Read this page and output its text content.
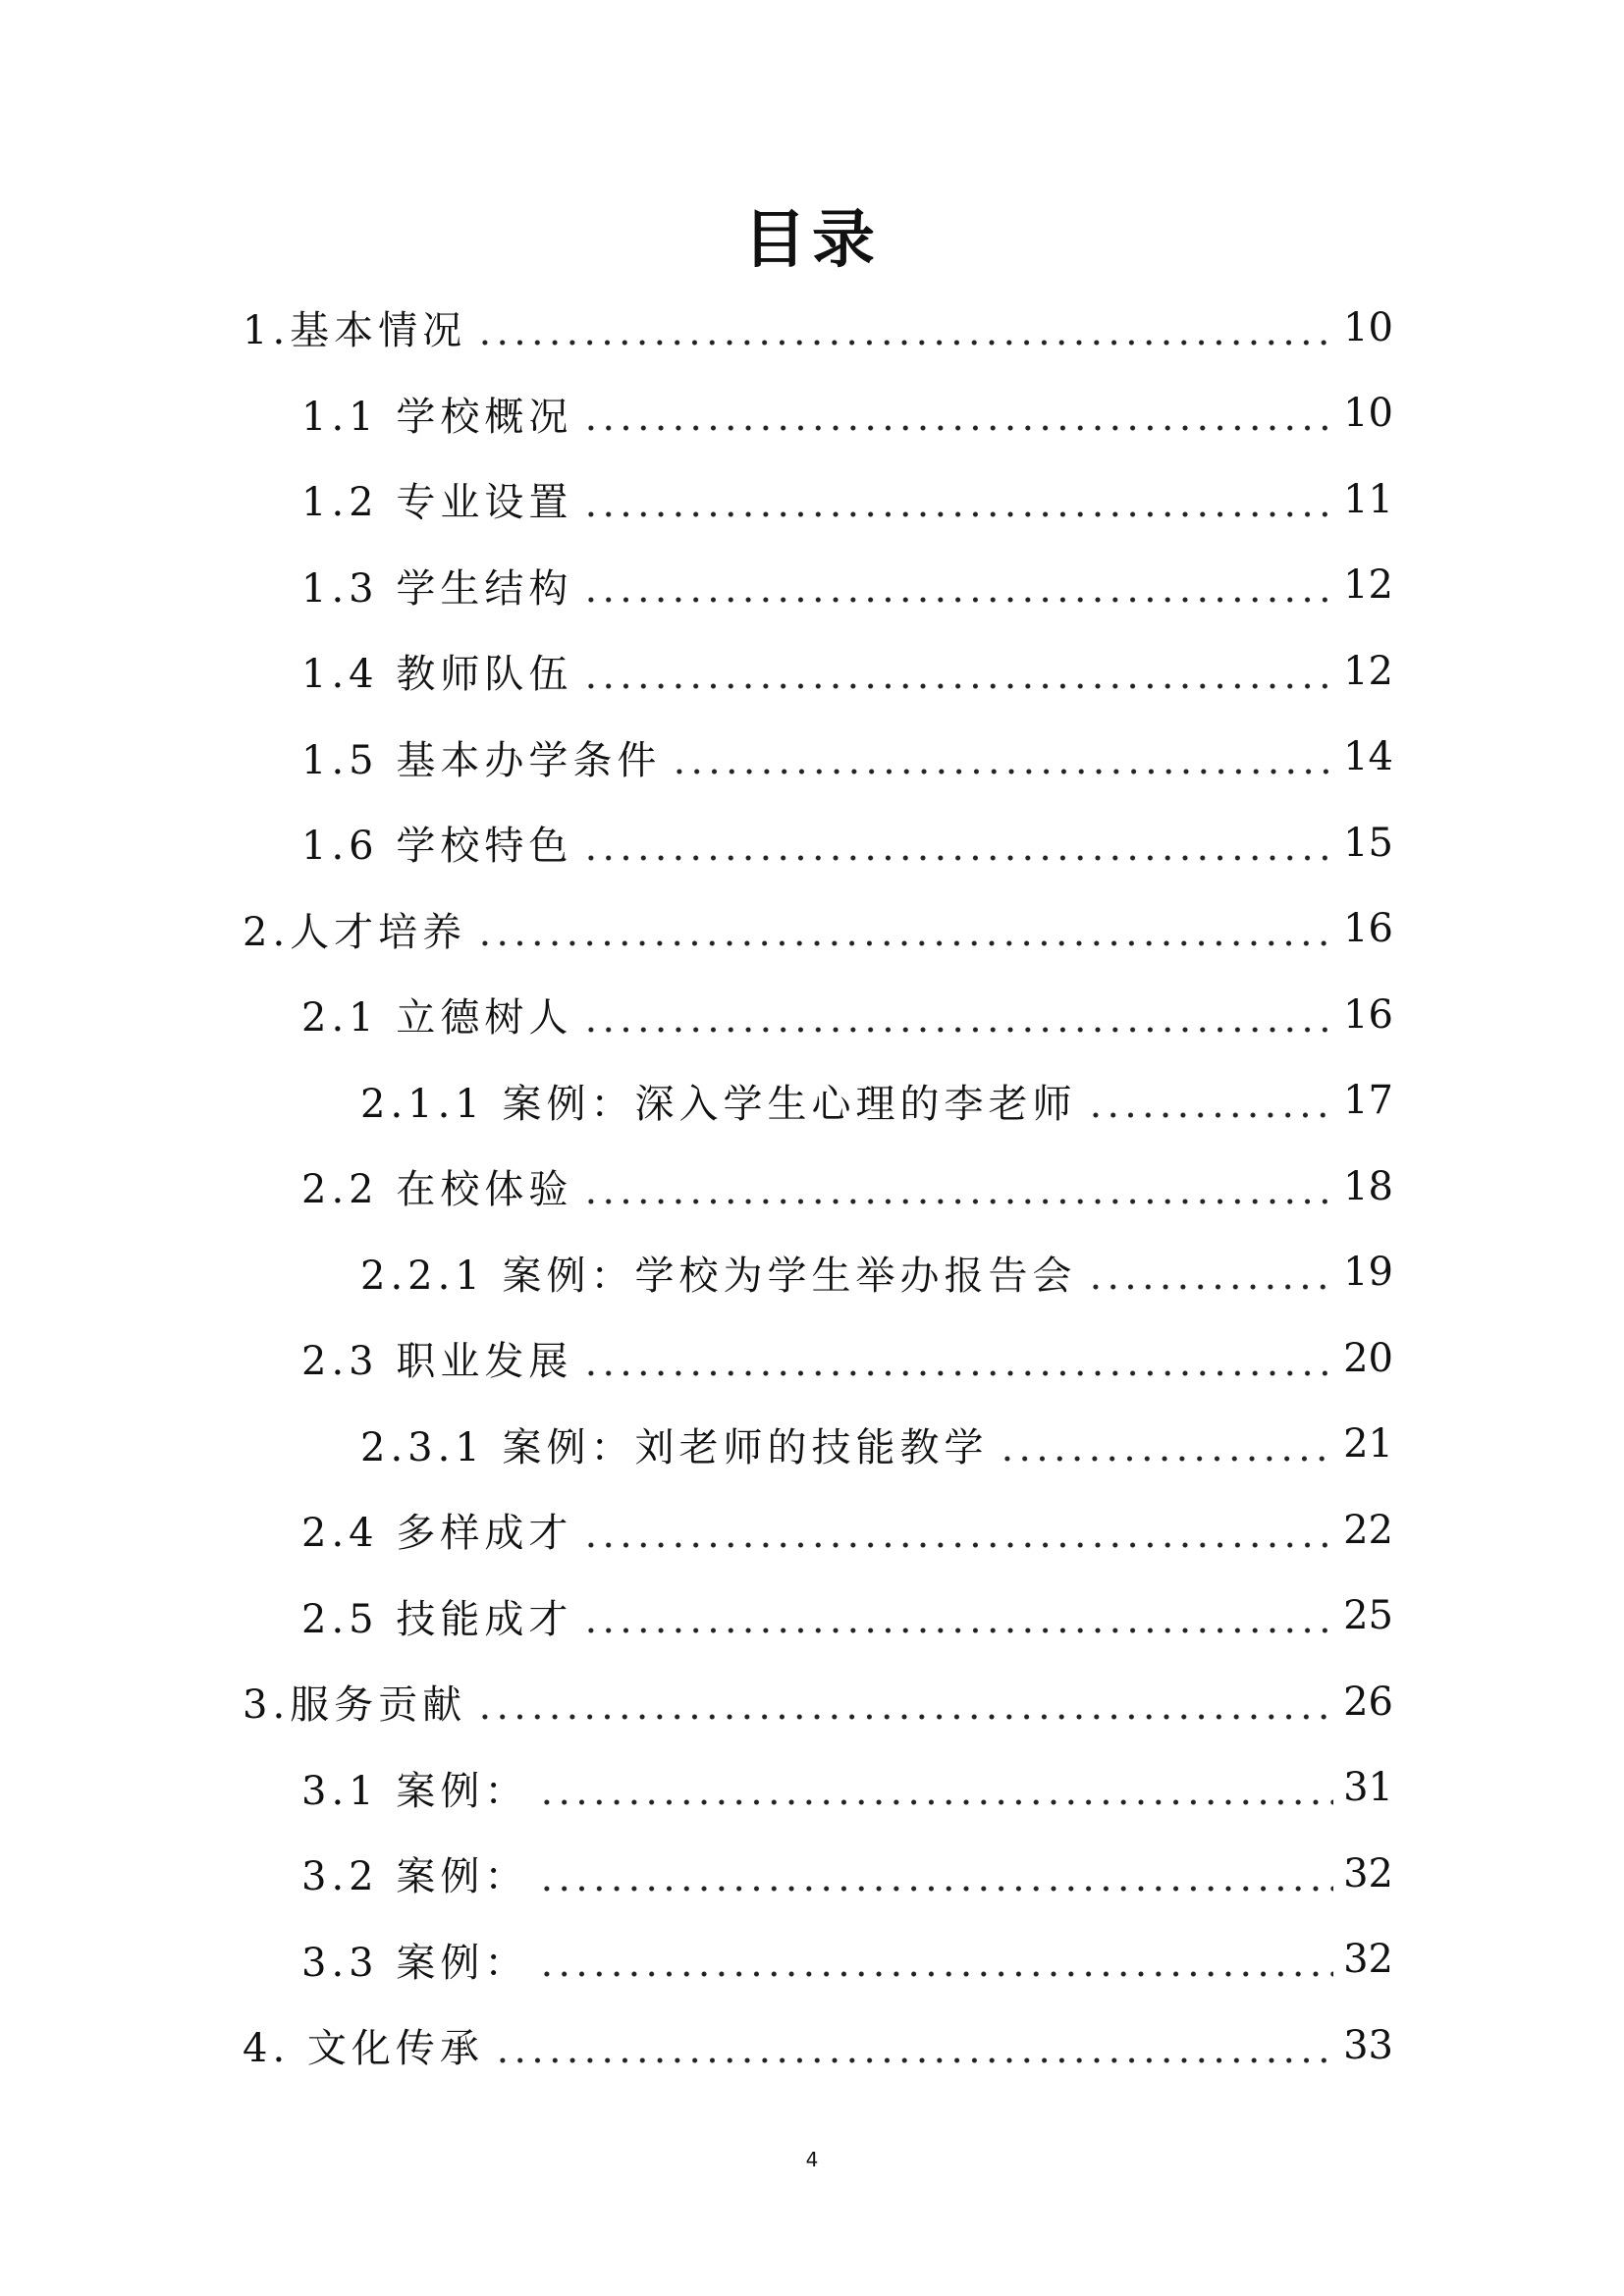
目录
1.基本情况	10
1.1 学校概况	10
1.2 专业设置	11
1.3 学生结构	12
1.4 教师队伍	12
1.5 基本办学条件	14
1.6 学校特色	15
2.人才培养	16
2.1 立德树人	16
2.1.1 案例：深入学生心理的李老师	17
2.2 在校体验	18
2.2.1 案例：学校为学生举办报告会	19
2.3 职业发展	20
2.3.1 案例：刘老师的技能教学	21
2.4 多样成才	22
2.5 技能成才	25
3.服务贡献	26
3.1 案例：	31
3.2 案例：	32
3.3 案例：	32
4. 文化传承	33
4
